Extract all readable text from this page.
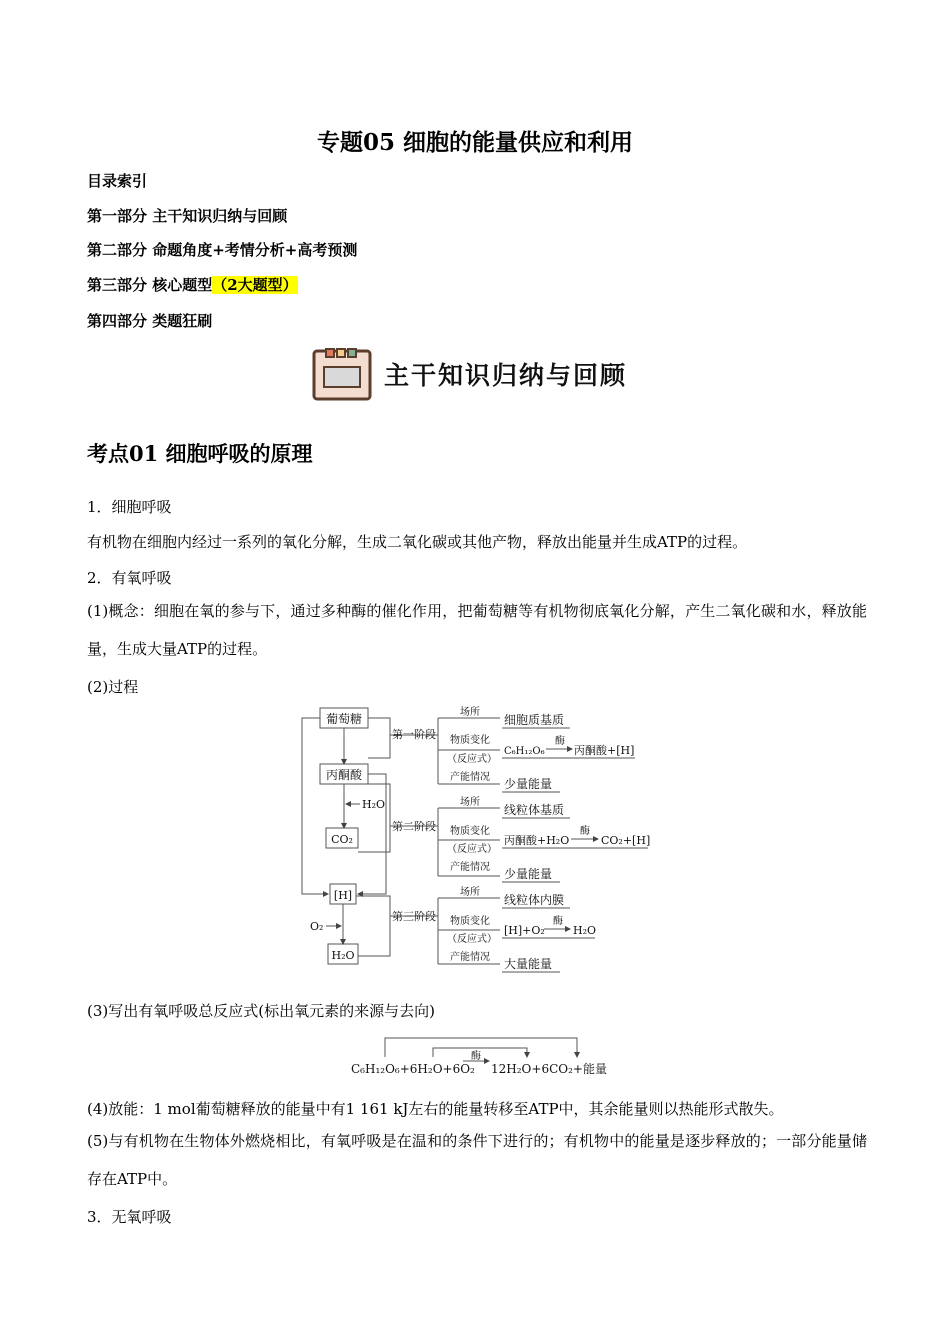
专题05 细胞的能量供应和利用
目录索引
第一部分 主干知识归纳与回顾
第二部分 命题角度+考情分析+高考预测
第三部分 核心题型（2大题型）
第四部分 类题狂刷
主干知识归纳与回顾
考点01 细胞呼吸的原理
1．细胞呼吸
有机物在细胞内经过一系列的氧化分解，生成二氧化碳或其他产物，释放出能量并生成ATP的过程。
2．有氧呼吸
(1)概念：细胞在氧的参与下，通过多种酶的催化作用，把葡萄糖等有机物彻底氧化分解，产生二氧化碳和水，释放能量，生成大量ATP的过程。
(2)过程
葡萄糖
丙酮酸
H₂O
CO₂
[H]
O₂
H₂O
第一阶段
场所
细胞质基质
物质变化
（反应式）
C₆H₁₂O₆
酶
丙酮酸+[H]
产能情况 少量能量
第二阶段
场所
线粒体基质
物质变化
（反应式）
丙酮酸+H₂O
酶
CO₂+[H]
产能情况 少量能量
第三阶段
场所
线粒体内膜
物质变化
（反应式）
[H]+O₂
酶
H₂O
产能情况 大量能量
(3)写出有氧呼吸总反应式(标出氧元素的来源与去向)
C₆H₁₂O₆+6H₂O+6O₂
酶
12H₂O+6CO₂+能量
(4)放能：1 mol葡萄糖释放的能量中有1 161 kJ左右的能量转移至ATP中，其余能量则以热能形式散失。
(5)与有机物在生物体外燃烧相比，有氧呼吸是在温和的条件下进行的；有机物中的能量是逐步释放的；一部分能量储存在ATP中。
3．无氧呼吸
